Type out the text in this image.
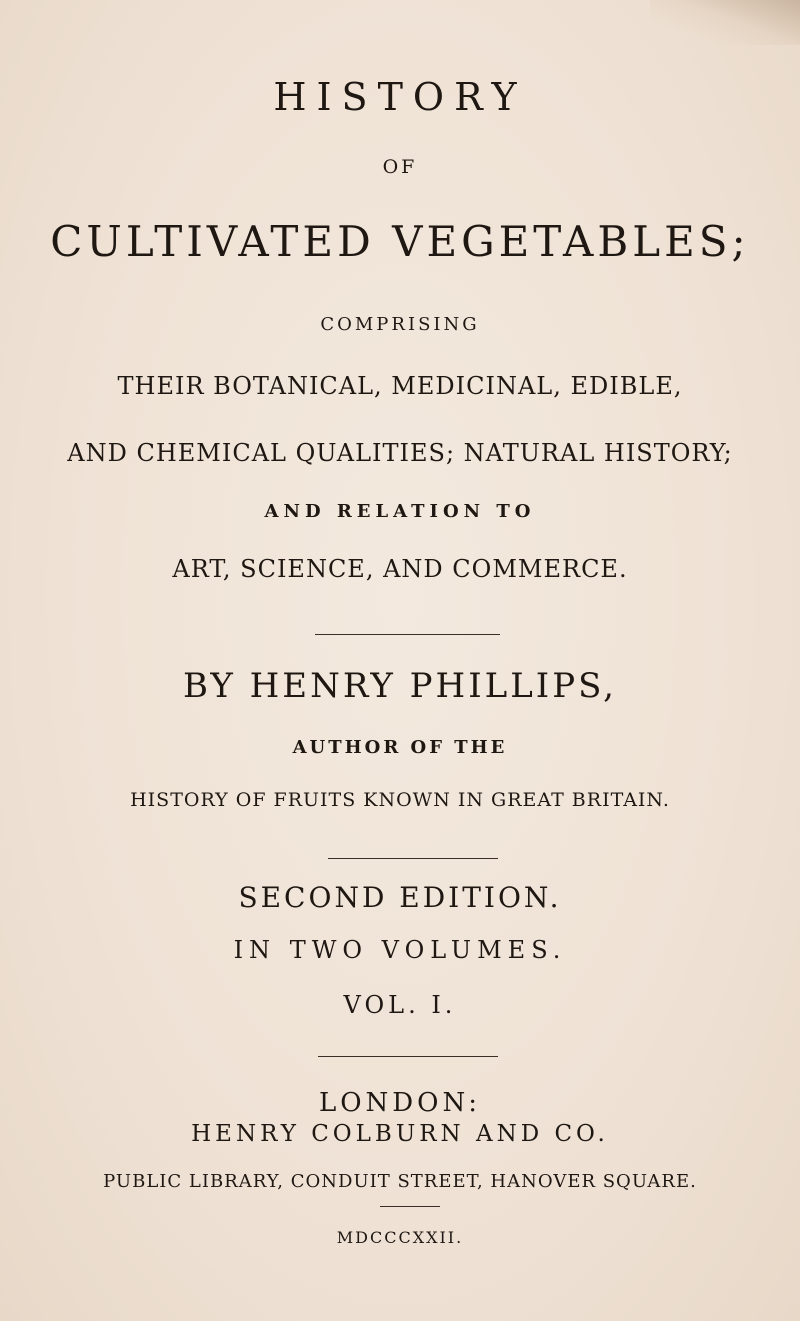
HISTORY
OF
CULTIVATED VEGETABLES;
COMPRISING
THEIR BOTANICAL, MEDICINAL, EDIBLE,
AND CHEMICAL QUALITIES; NATURAL HISTORY;
AND RELATION TO
ART, SCIENCE, AND COMMERCE.
BY HENRY PHILLIPS,
AUTHOR OF THE
HISTORY OF FRUITS KNOWN IN GREAT BRITAIN.
SECOND EDITION.
IN TWO VOLUMES.
VOL. I.
LONDON:
HENRY COLBURN AND CO.
PUBLIC LIBRARY, CONDUIT STREET, HANOVER SQUARE.
MDCCCXXII.
